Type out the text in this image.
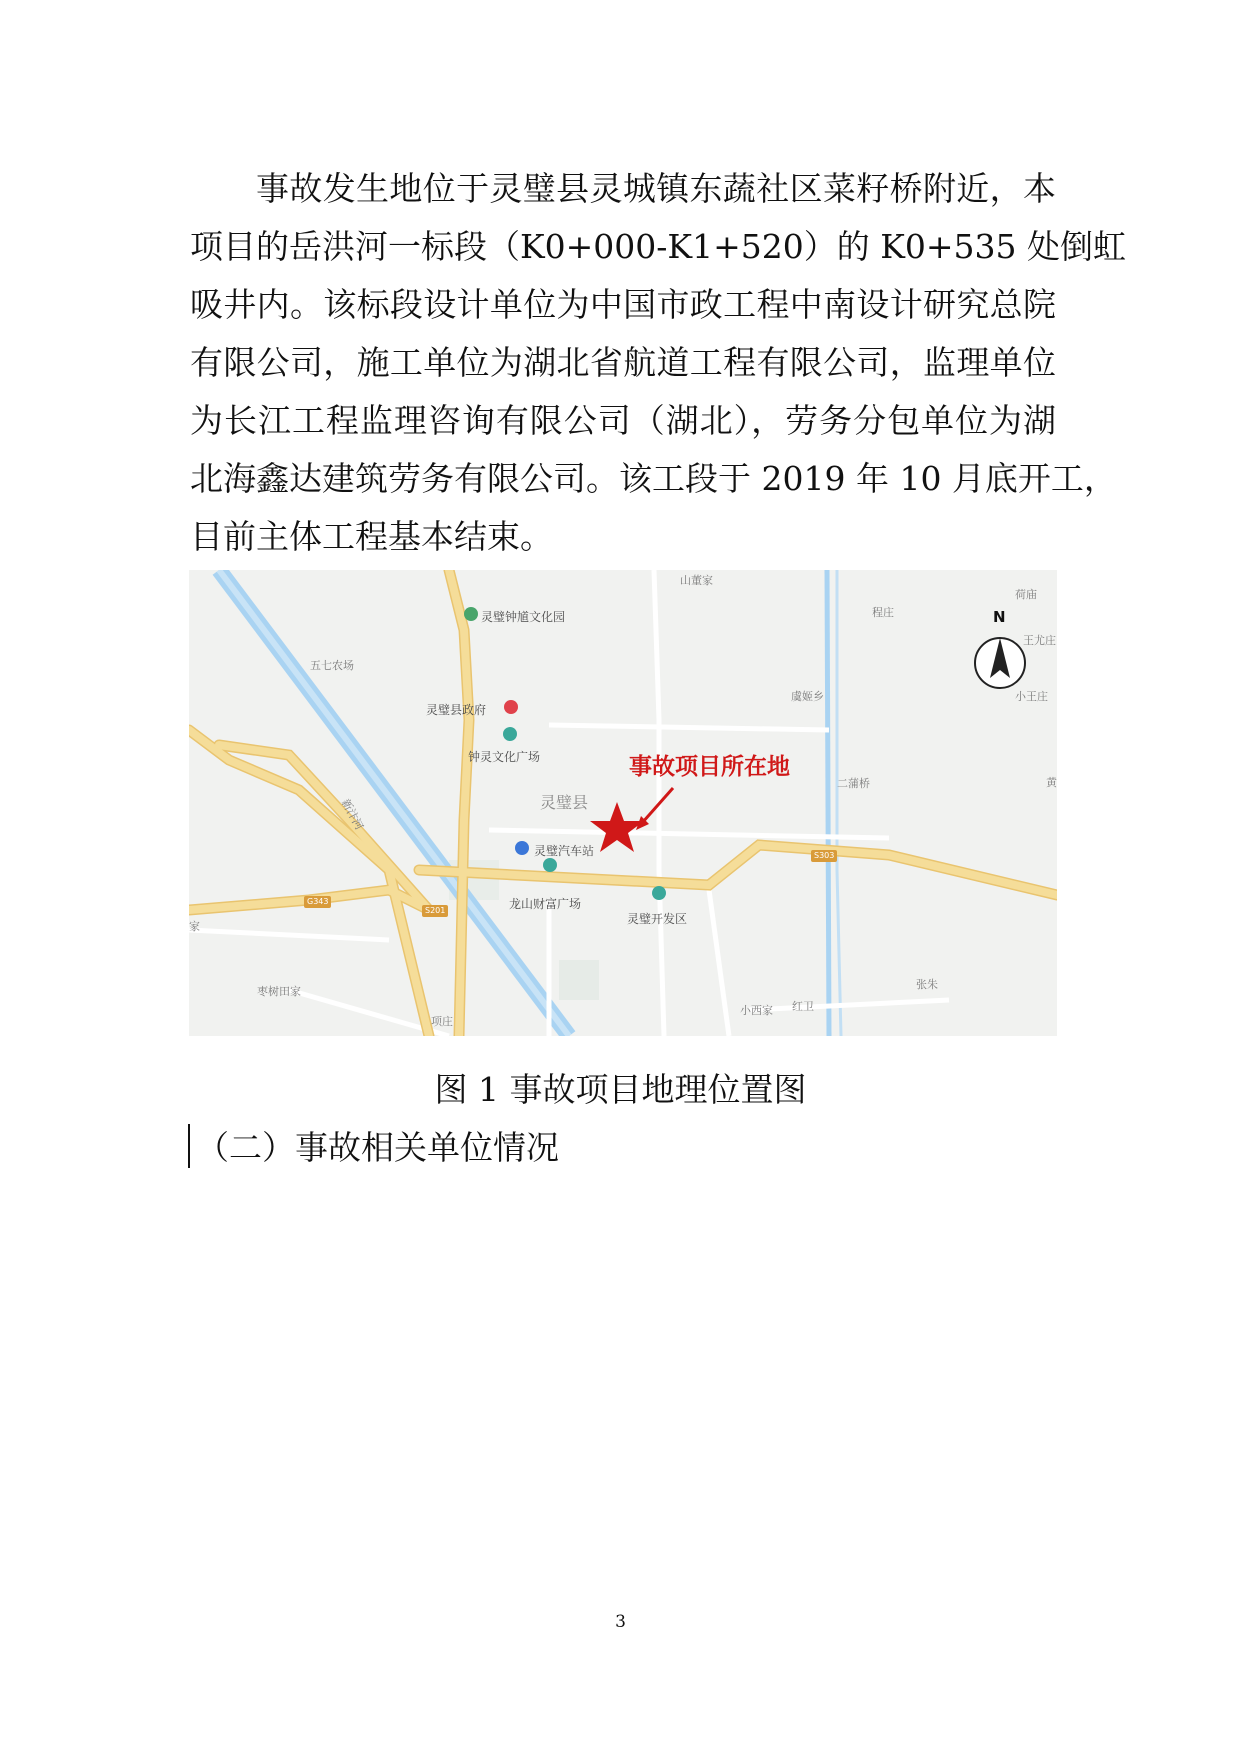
事故发生地位于灵璧县灵城镇东蔬社区菜籽桥附近，本
项目的岳洪河一标段（K0+000-K1+520）的 K0+535 处倒虹
吸井内。该标段设计单位为中国市政工程中南设计研究总院
有限公司，施工单位为湖北省航道工程有限公司，监理单位
为长江工程监理咨询有限公司（湖北），劳务分包单位为湖
北海鑫达建筑劳务有限公司。该工段于 2019 年 10 月底开工，
目前主体工程基本结束。
山董家
荷庙
程庄
王尤庄
灵璧钟馗文化园
五七农场
虞姬乡	小王庄
灵璧县政府
钟灵文化广场
二蒲桥	黄
灵璧县
新汴河
灵璧汽车站
龙山财富广场
灵璧开发区
家
枣树田家
项庄
小西家 红卫
张朱
G343
S201
S303
事故项目所在地
N

图 1 事故项目地理位置图

（二）事故相关单位情况

3
